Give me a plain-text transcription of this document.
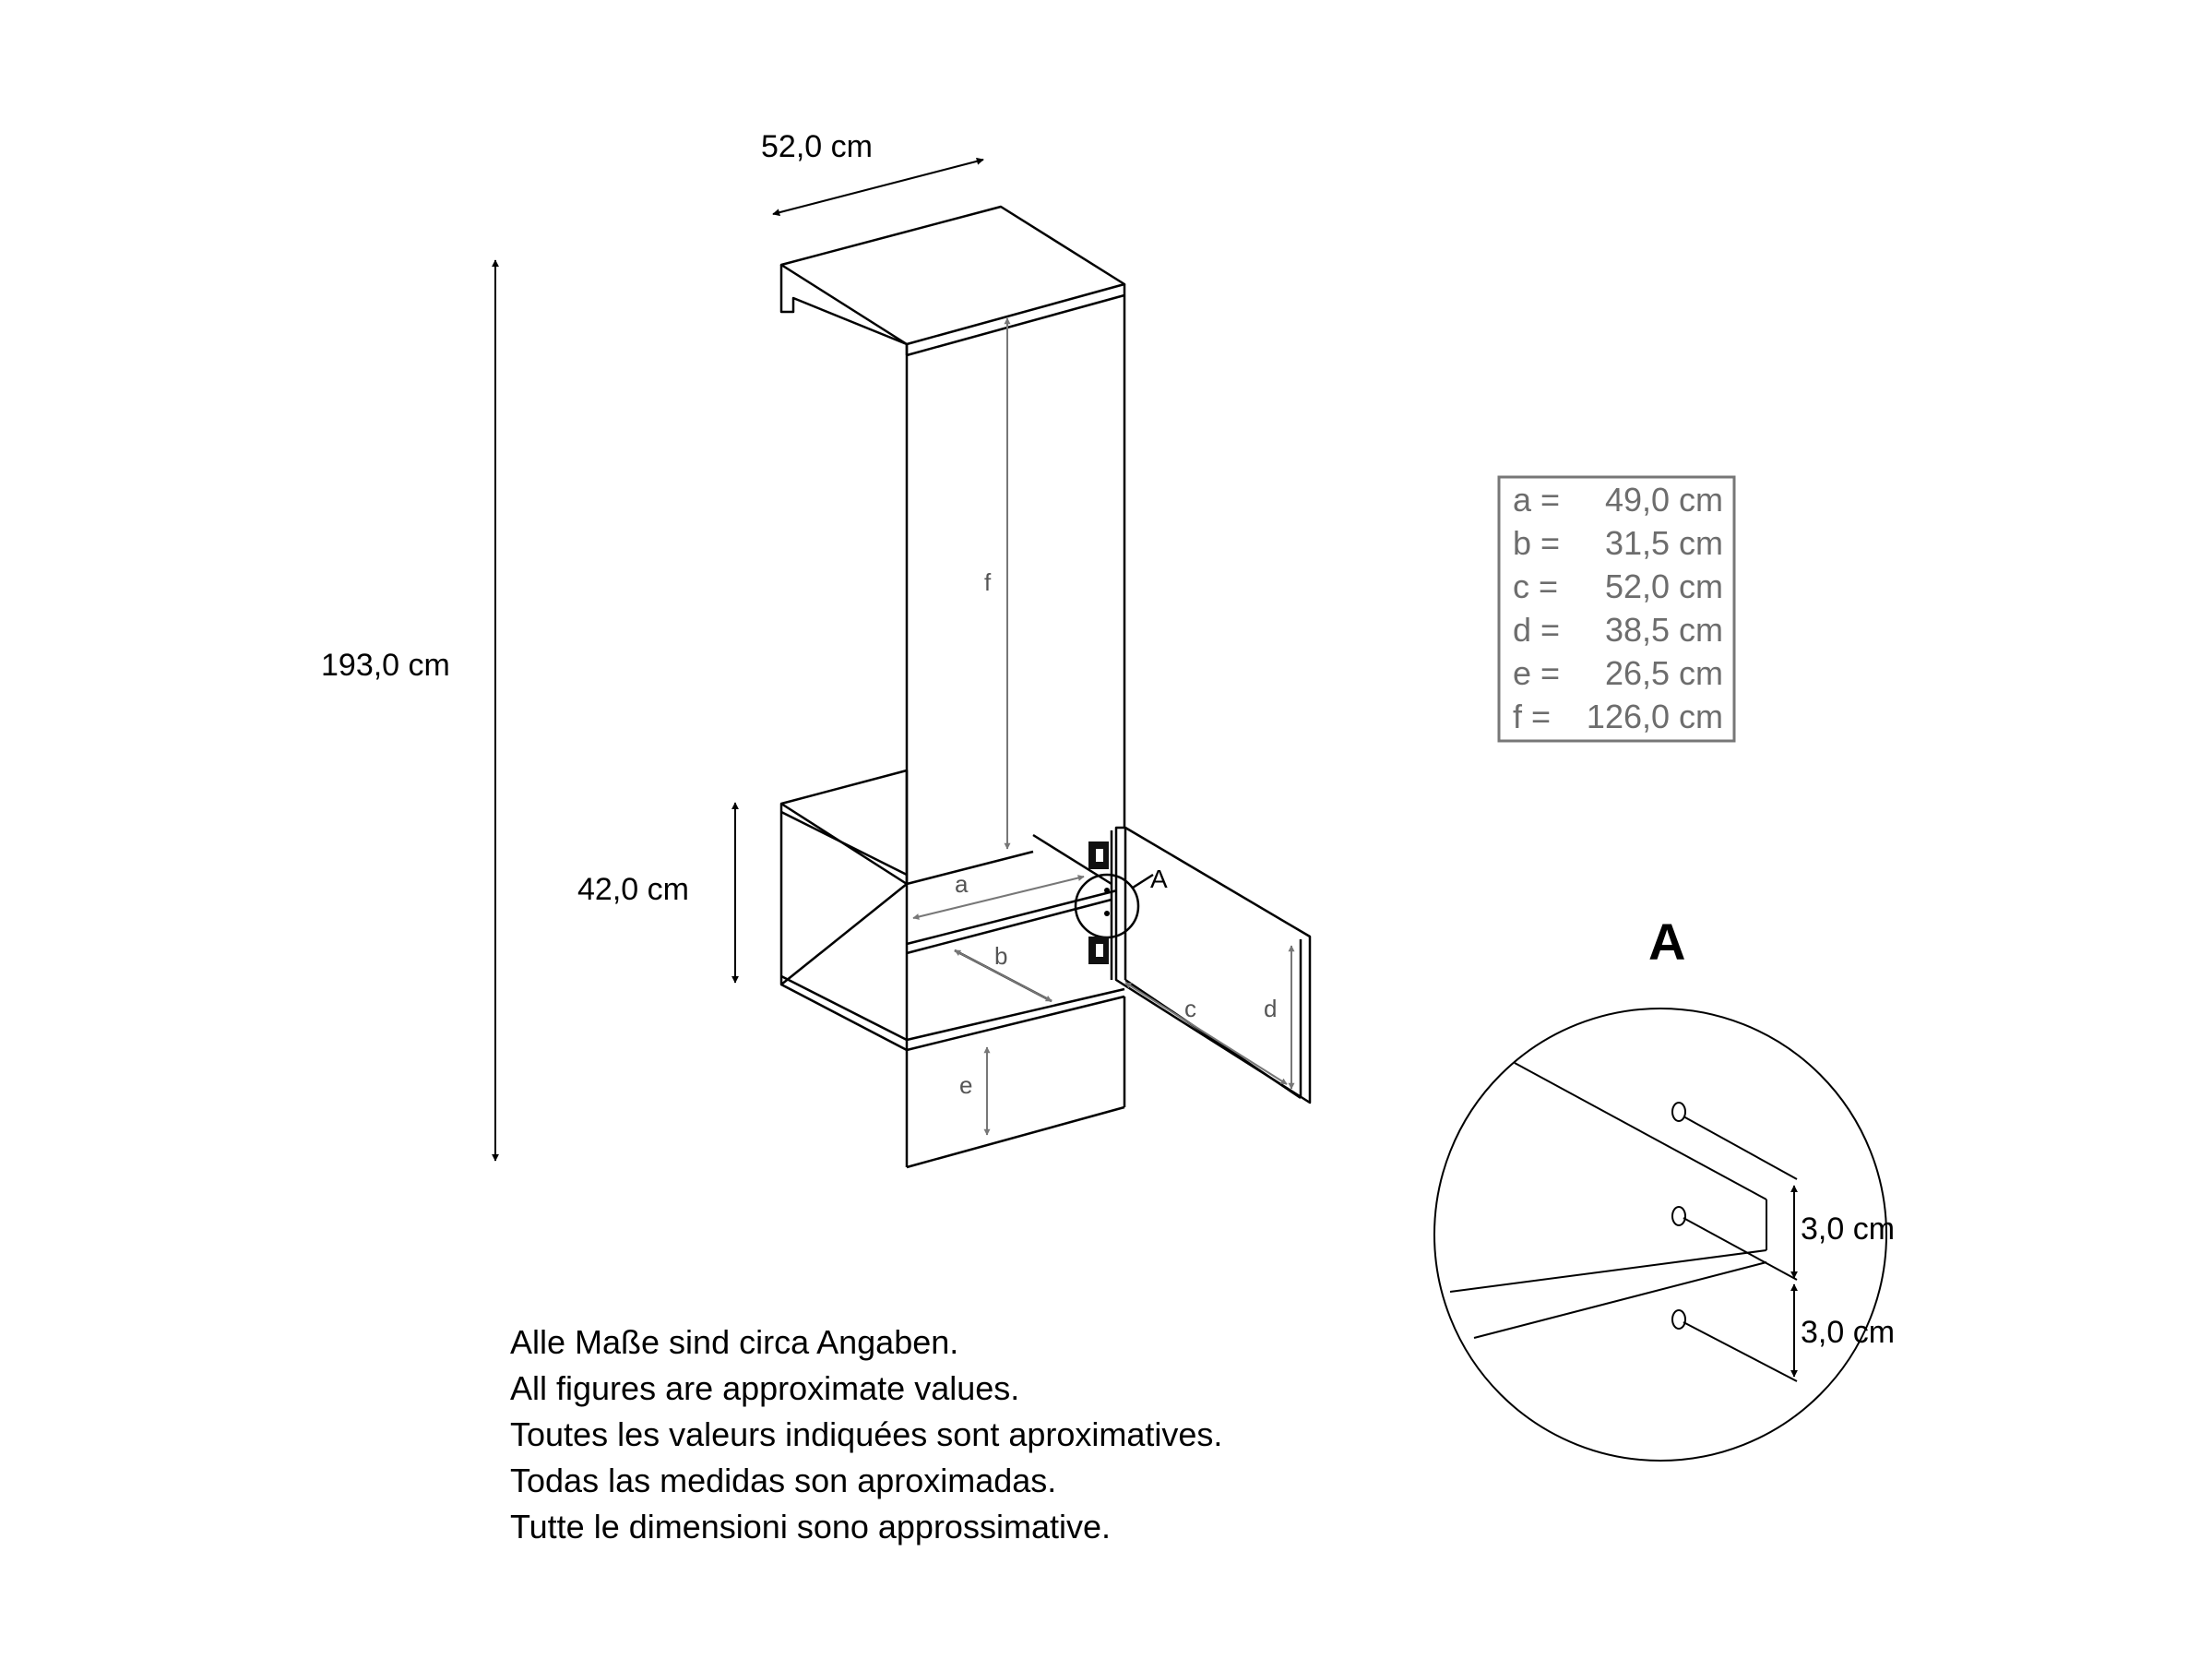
52,0 cm
193,0 cm
42,0 cm
f
a
b
c	d
e
A
a = 49,0 cm
b = 31,5 cm
c = 52,0 cm
d = 38,5 cm
e = 26,5 cm
f = 126,0 cm
A
3,0 cm
3,0 cm
Alle Maße sind circa Angaben.
All figures are approximate values.
Toutes les valeurs indiquées sont aproximatives.
Todas las medidas son aproximadas.
Tutte le dimensioni sono approssimative.
